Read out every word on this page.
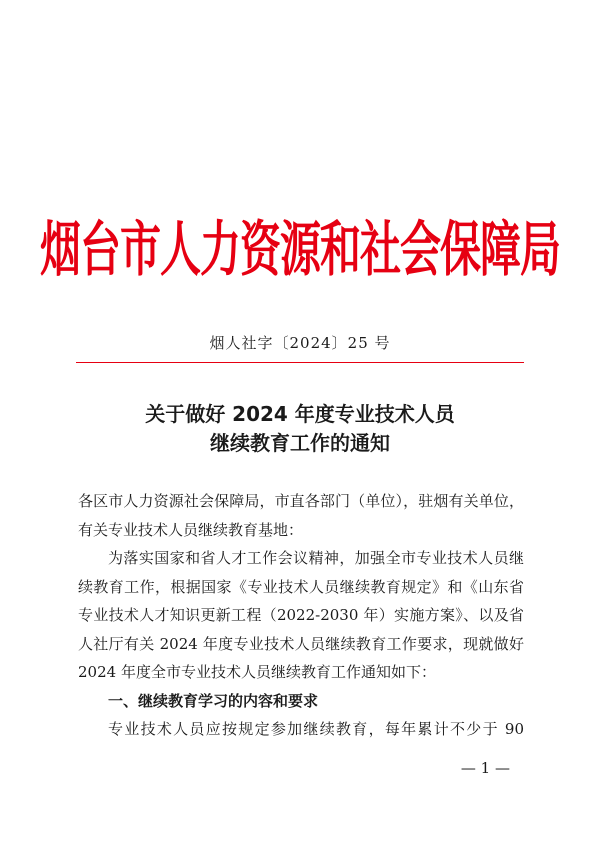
烟台市人力资源和社会保障局
烟人社字〔2024〕25 号
关于做好 2024 年度专业技术人员
继续教育工作的通知

各区市人力资源社会保障局，市直各部门（单位），驻烟有关单位，有关专业技术人员继续教育基地：

为落实国家和省人才工作会议精神，加强全市专业技术人员继续教育工作，根据国家《专业技术人员继续教育规定》和《山东省专业技术人才知识更新工程（2022-2030 年）实施方案》、以及省人社厅有关 2024 年度专业技术人员继续教育工作要求，现就做好 2024 年度全市专业技术人员继续教育工作通知如下：

一、继续教育学习的内容和要求

专业技术人员应按规定参加继续教育，每年累计不少于 90

— 1 —
